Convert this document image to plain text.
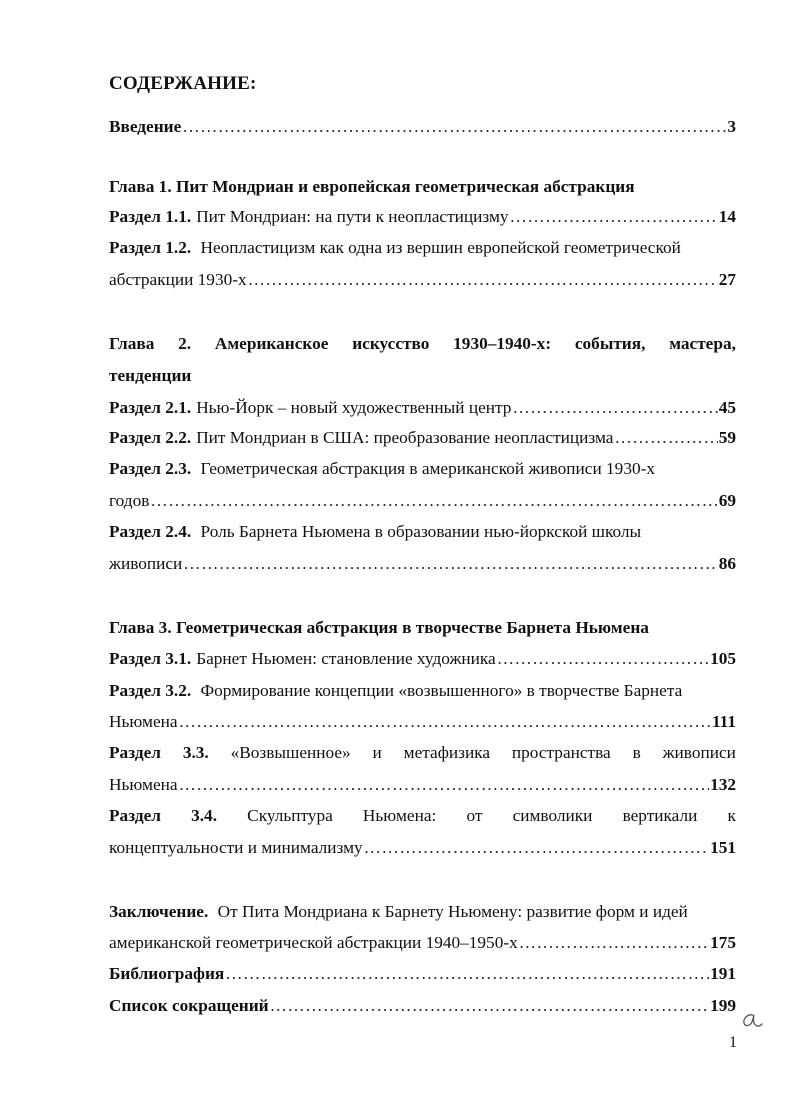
СОДЕРЖАНИЕ:
Введение ………………………………………………………………………………………………………………………………………………………………………………………………………………………………………	3
Глава 1. Пит Мондриан и европейская геометрическая абстракция
Раздел 1.1. Пит Мондриан: на пути к неопластицизму ………………………………………………………………………………………………………………………………………………………………………………………………………………………………………	14
Раздел 1.2. Неопластицизм как одна из вершин европейской геометрической
абстракции 1930-х ………………………………………………………………………………………………………………………………………………………………………………………………………………………………………	27
Глава 2. Американское искусство 1930–1940-х: события, мастера,
тенденции
Раздел 2.1. Нью-Йорк – новый художественный центр ………………………………………………………………………………………………………………………………………………………………………………………………………………………………………	45
Раздел 2.2. Пит Мондриан в США: преобразование неопластицизма ………………………………………………………………………………………………………………………………………………………………………………………………………………………………………	59
Раздел 2.3. Геометрическая абстракция в американской живописи 1930-х
годов ………………………………………………………………………………………………………………………………………………………………………………………………………………………………………	69
Раздел 2.4. Роль Барнета Ньюмена в образовании нью-йоркской школы
живописи ………………………………………………………………………………………………………………………………………………………………………………………………………………………………………	86
Глава 3. Геометрическая абстракция в творчестве Барнета Ньюмена
Раздел 3.1. Барнет Ньюмен: становление художника ………………………………………………………………………………………………………………………………………………………………………………………………………………………………………	105
Раздел 3.2. Формирование концепции «возвышенного» в творчестве Барнета
Ньюмена ………………………………………………………………………………………………………………………………………………………………………………………………………………………………………	111
Раздел 3.3. «Возвышенное» и метафизика пространства в живописи
Ньюмена ………………………………………………………………………………………………………………………………………………………………………………………………………………………………………	132
Раздел 3.4. Скульптура Ньюмена: от символики вертикали к
концептуальности и минимализму ………………………………………………………………………………………………………………………………………………………………………………………………………………………………………	151
Заключение. От Пита Мондриана к Барнету Ньюмену: развитие форм и идей
американской геометрической абстракции 1940–1950-х ………………………………………………………………………………………………………………………………………………………………………………………………………………………………………	175
Библиография ………………………………………………………………………………………………………………………………………………………………………………………………………………………………………	191
Список сокращений ………………………………………………………………………………………………………………………………………………………………………………………………………………………………………	199
1
